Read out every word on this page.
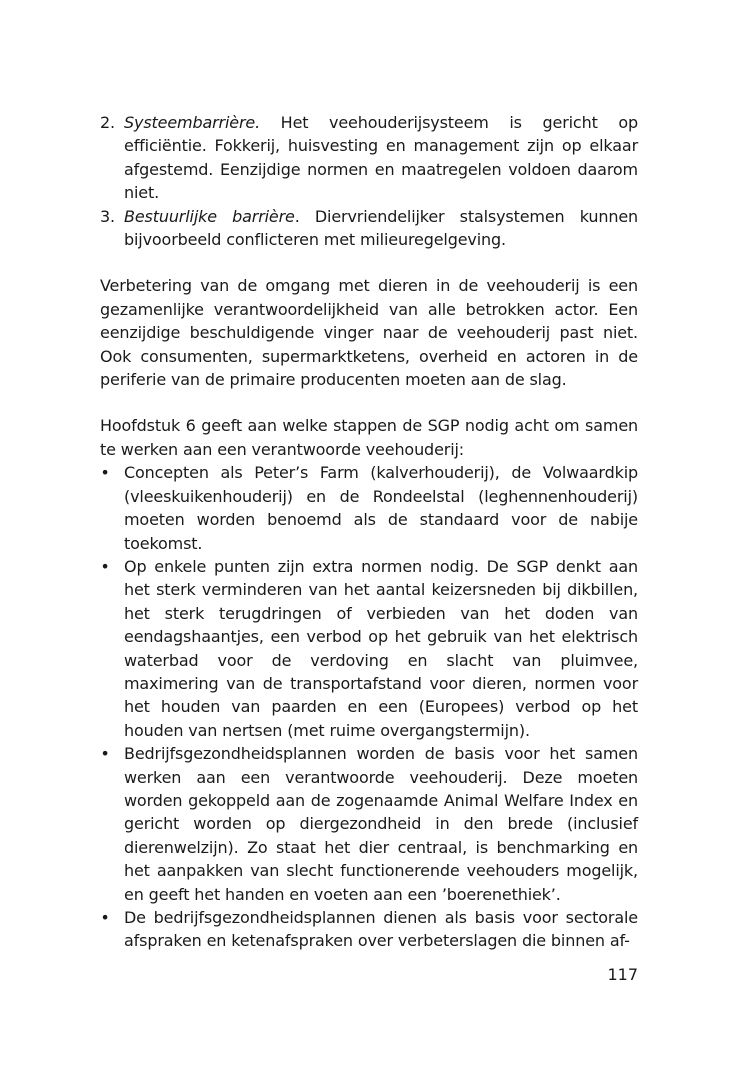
2. Systeembarrière. Het veehouderijsysteem is gericht op efficiëntie. Fokkerij, huisvesting en management zijn op elkaar afgestemd. Eenzijdige normen en maatregelen voldoen daarom niet.
3. Bestuurlijke barrière. Diervriendelijker stalsystemen kunnen bijvoorbeeld conflicteren met milieuregelgeving.

Verbetering van de omgang met dieren in de veehouderij is een gezamenlijke verantwoordelijkheid van alle betrokken actor. Een eenzijdige beschuldigende vinger naar de veehouderij past niet. Ook consumenten, supermarktketens, overheid en actoren in de periferie van de primaire producenten moeten aan de slag.

Hoofdstuk 6 geeft aan welke stappen de SGP nodig acht om samen te werken aan een verantwoorde veehouderij:

• Concepten als Peter’s Farm (kalverhouderij), de Volwaardkip (vleeskuikenhouderij) en de Rondeelstal (leghennenhouderij) moeten worden benoemd als de standaard voor de nabije toekomst.
• Op enkele punten zijn extra normen nodig. De SGP denkt aan het sterk verminderen van het aantal keizersneden bij dikbillen, het sterk terugdringen of verbieden van het doden van eendagshaantjes, een verbod op het gebruik van het elektrisch waterbad voor de verdoving en slacht van pluimvee, maximering van de transportafstand voor dieren, normen voor het houden van paarden en een (Europees) verbod op het houden van nertsen (met ruime overgangstermijn).
• Bedrijfsgezondheidsplannen worden de basis voor het samen werken aan een verantwoorde veehouderij. Deze moeten worden gekoppeld aan de zogenaamde Animal Welfare Index en gericht worden op diergezondheid in den brede (inclusief dierenwelzijn). Zo staat het dier centraal, is benchmarking en het aanpakken van slecht functionerende veehouders mogelijk, en geeft het handen en voeten aan een ’boerenethiek’.
• De bedrijfsgezondheidsplannen dienen als basis voor sectorale afspraken en ketenafspraken over verbeterslagen die binnen af-
117
